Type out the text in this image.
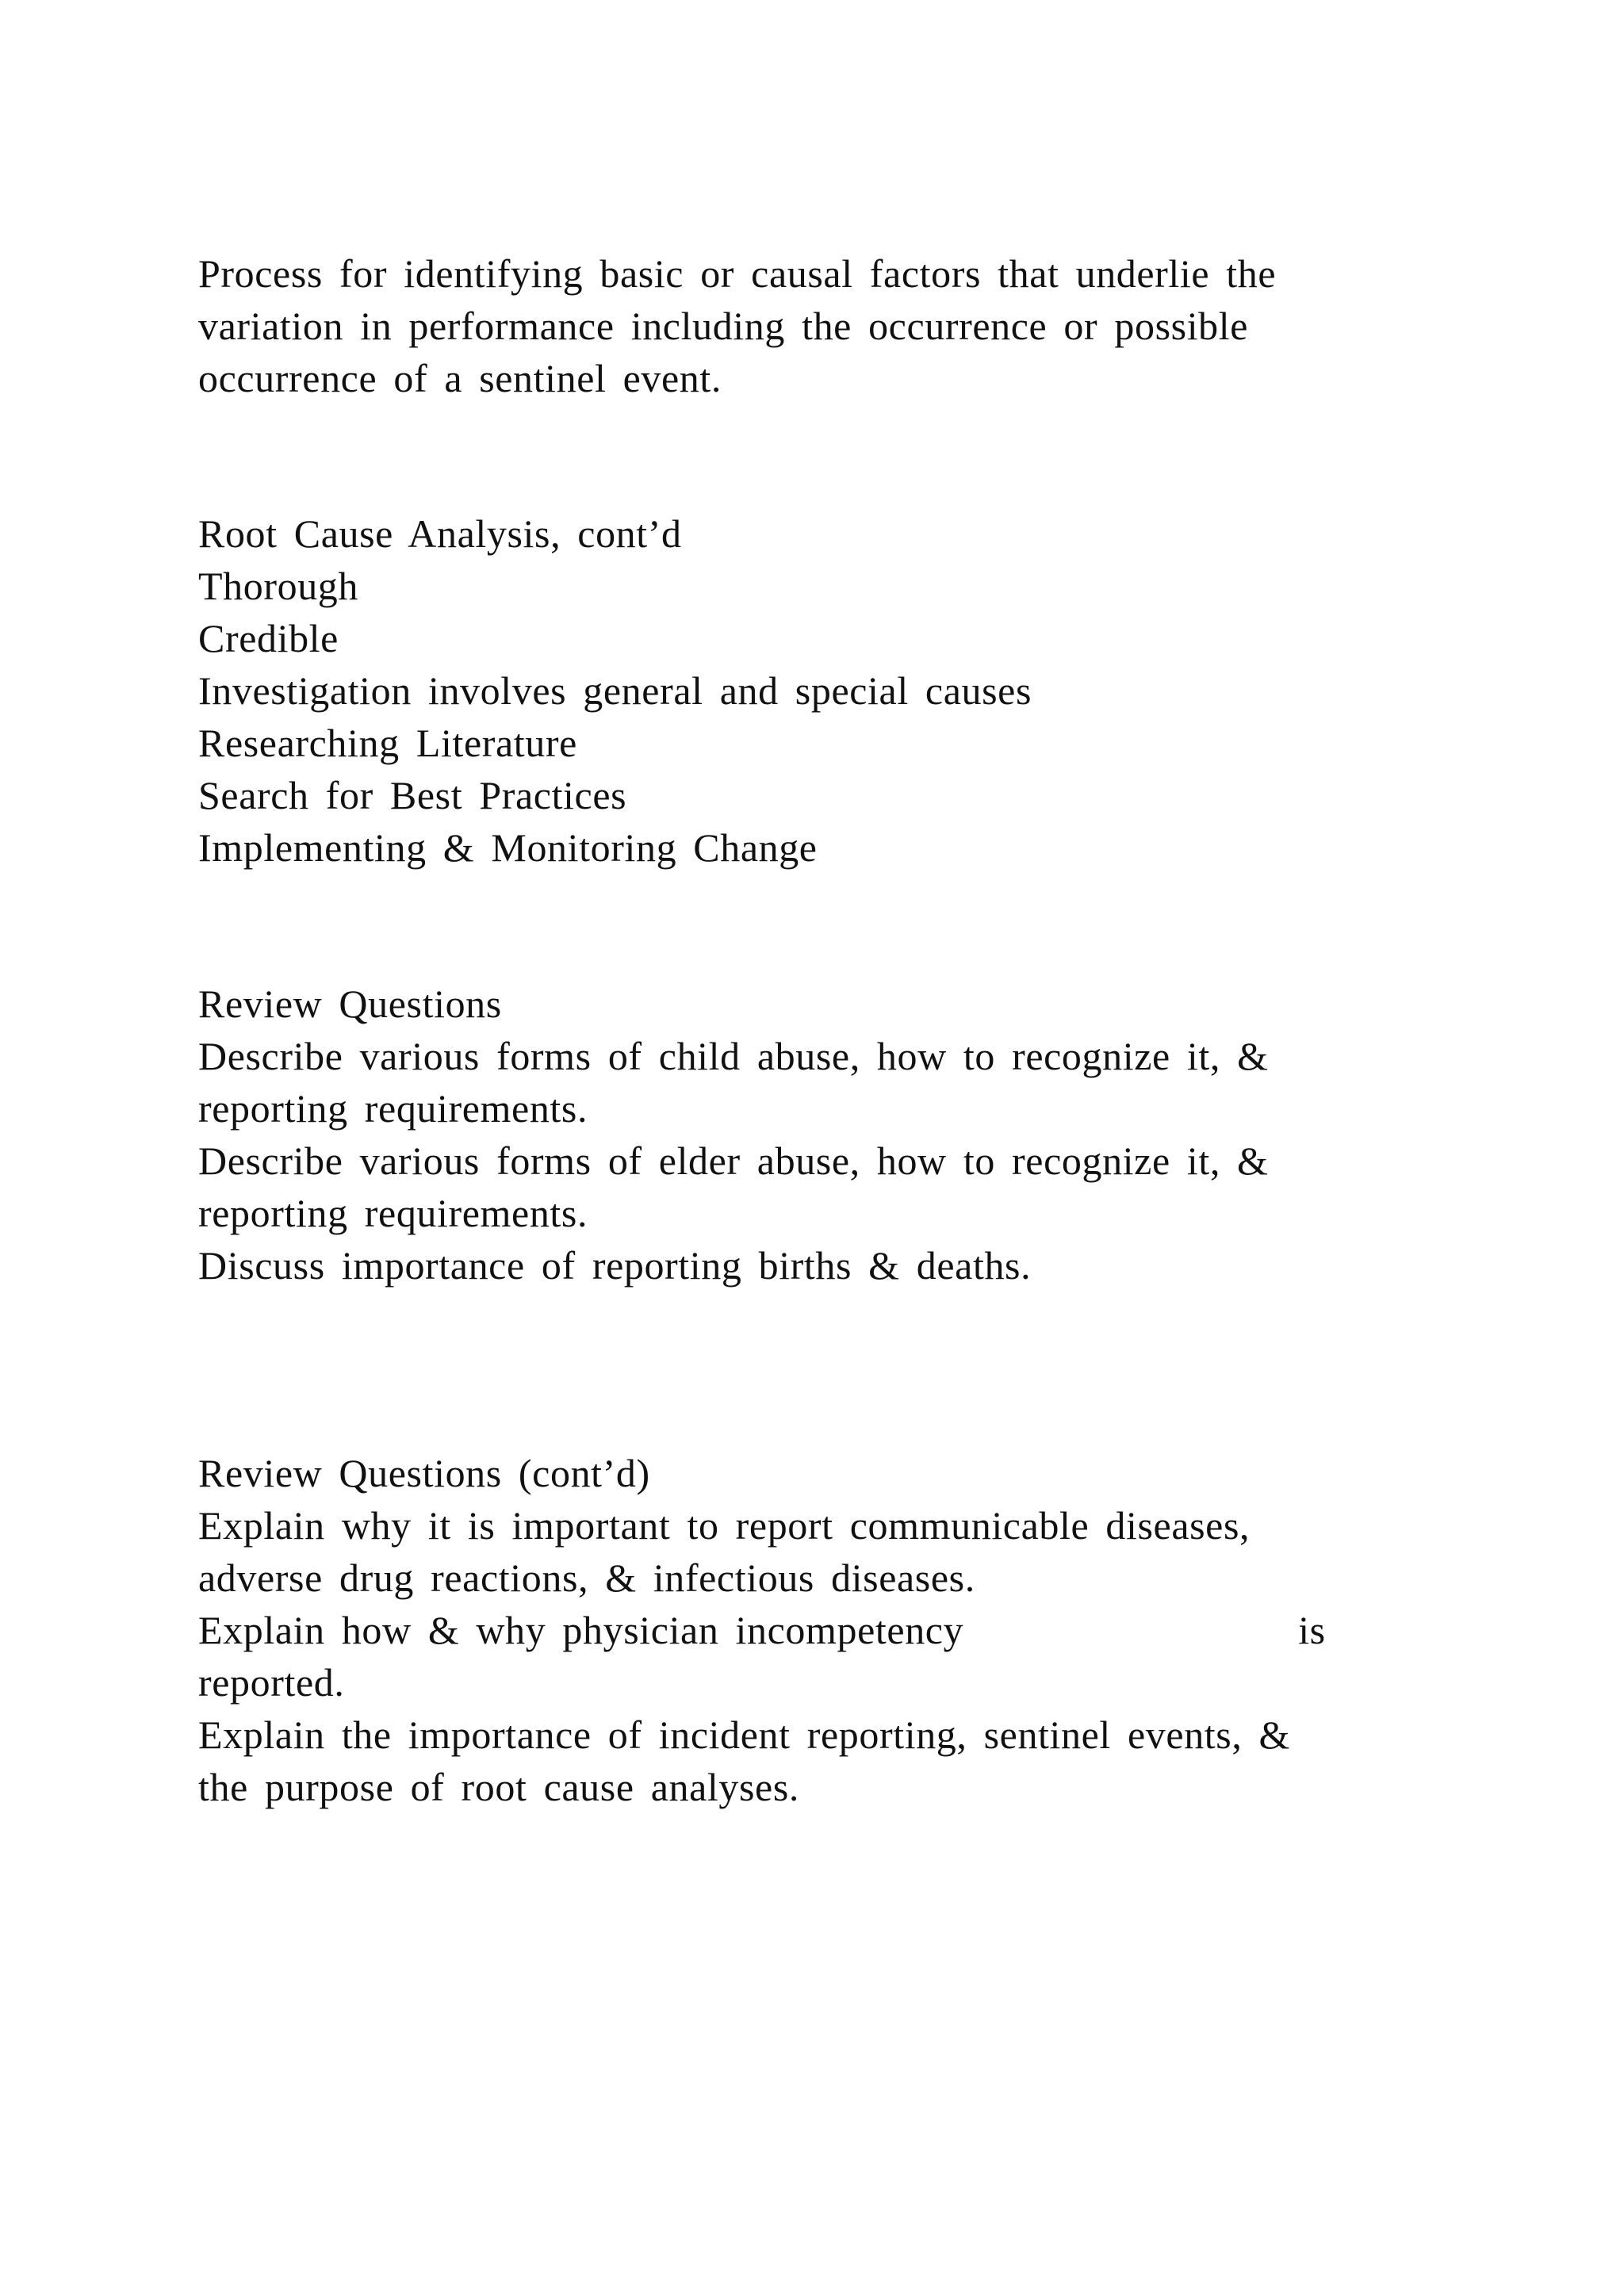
Process for identifying basic or causal factors that underlie the
variation in performance including the occurrence or possible
occurrence of a sentinel event.
Root Cause Analysis, cont’d
Thorough
Credible
Investigation involves general and special causes
Researching Literature
Search for Best Practices
Implementing & Monitoring Change
Review Questions
Describe various forms of child abuse, how to recognize it, &
reporting requirements.
Describe various forms of elder abuse, how to recognize it, &
reporting requirements.
Discuss importance of reporting births & deaths.
Review Questions (cont’d)
Explain why it is important to report communicable diseases,
adverse drug reactions, & infectious diseases.
Explain how & why physician incompetency                    is
reported.
Explain the importance of incident reporting, sentinel events, &
the purpose of root cause analyses.
